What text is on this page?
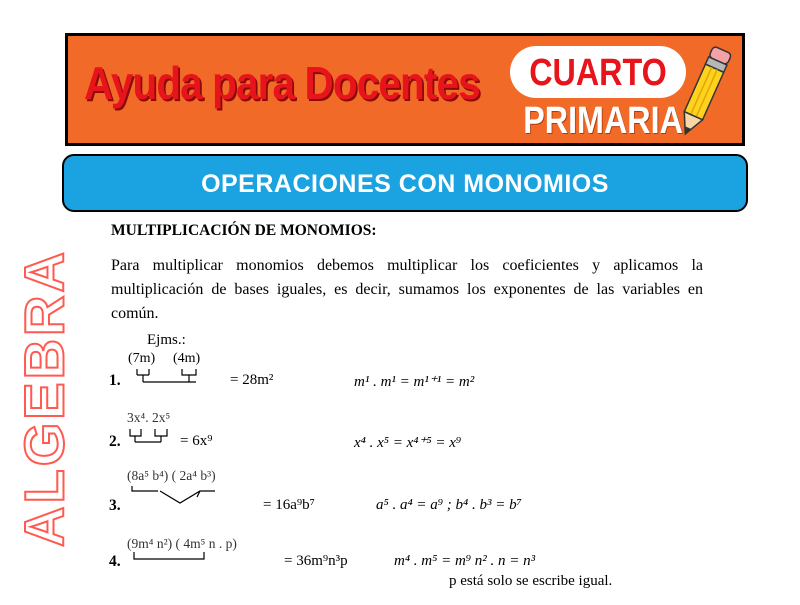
Ayuda para Docentes CUARTO
PRIMARIA
OPERACIONES CON MONOMIOS
ALGEBRA
MULTIPLICACIÓN DE MONOMIOS:
Para multiplicar monomios debemos multiplicar los coeficientes y aplicamos la multiplicación de bases iguales, es decir, sumamos los exponentes de las variables en común.
Ejms.:
(7m) (4m)
1.	= 28m²	m¹ . m¹ = m¹⁺¹ = m²
3x⁴. 2x⁵
2.	= 6x⁹	x⁴ . x⁵ = x⁴⁺⁵ = x⁹
(8a⁵ b⁴) ( 2a⁴ b³)
3.	= 16a⁹b⁷	a⁵ . a⁴ = a⁹ ; b⁴ . b³ = b⁷
(9m⁴ n²) ( 4m⁵ n . p)
4.	= 36m⁹n³p	m⁴ . m⁵ = m⁹ n² . n = n³
p está solo se escribe igual.
